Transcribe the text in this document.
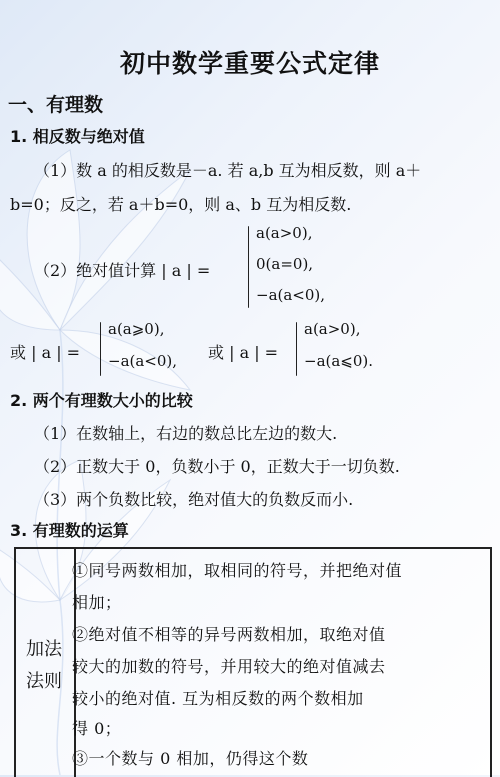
初中数学重要公式定律
一、有理数
1. 相反数与绝对值
（1）数 a 的相反数是－a. 若 a,b 互为相反数，则 a＋
b=0；反之，若 a＋b=0，则 a、b 互为相反数.
（2）绝对值计算 | a | =
a(a>0),
0(a=0),
−a(a<0),
或 | a | =
a(a⩾0),
−a(a<0), 或 | a | =
a(a>0),
−a(a⩽0).
2. 两个有理数大小的比较
（1）在数轴上，右边的数总比左边的数大.
（2）正数大于 0，负数小于 0，正数大于一切负数.
（3）两个负数比较，绝对值大的负数反而小.
3. 有理数的运算
加法
法则
①同号两数相加，取相同的符号，并把绝对值
相加；
②绝对值不相等的异号两数相加，取绝对值
较大的加数的符号，并用较大的绝对值减去
较小的绝对值. 互为相反数的两个数相加
得 0；
③一个数与 0 相加，仍得这个数
